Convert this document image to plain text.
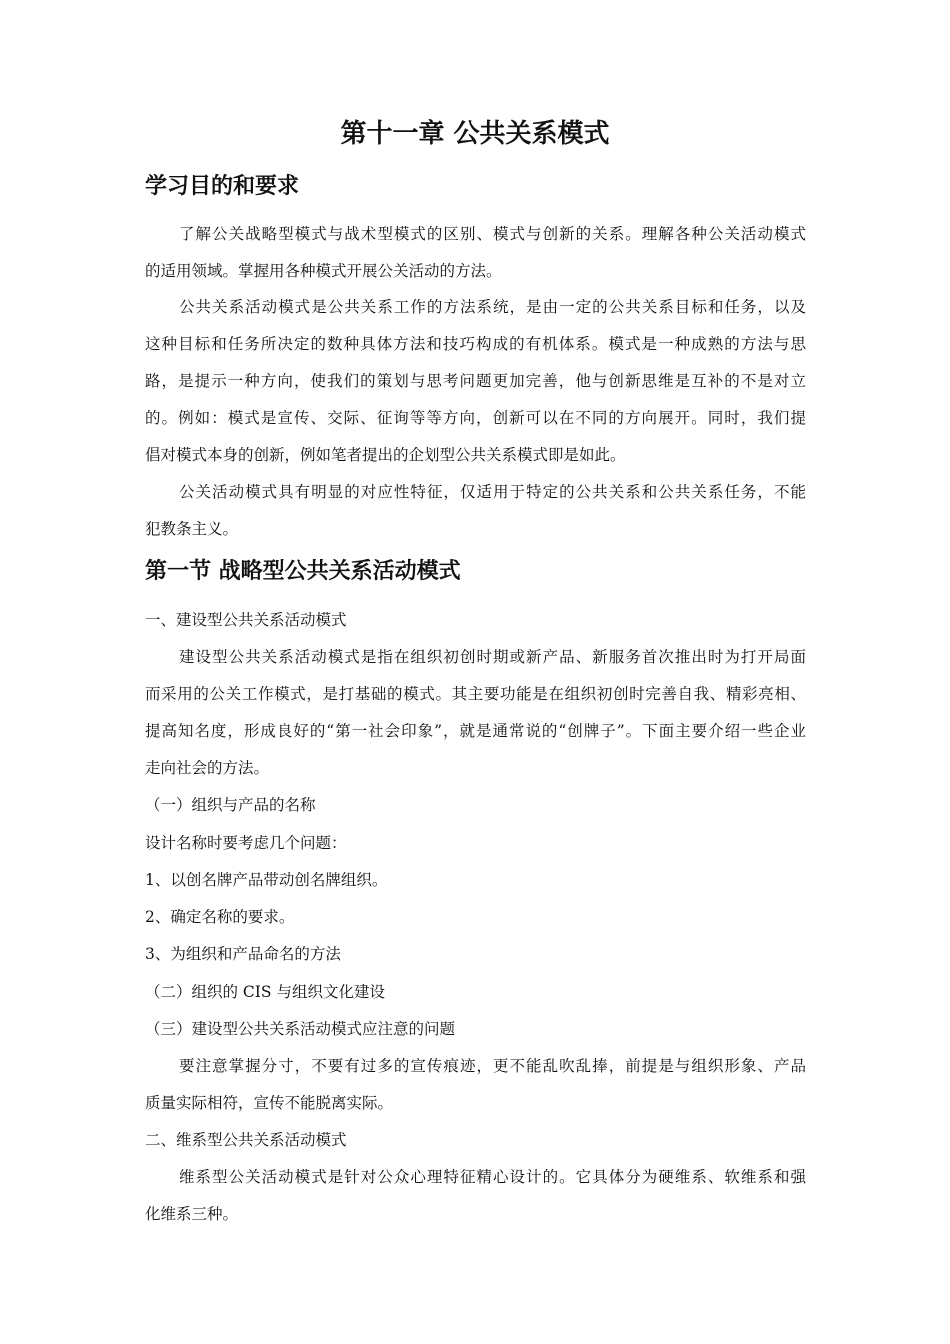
第十一章 公共关系模式
学习目的和要求

了解公关战略型模式与战术型模式的区别、模式与创新的关系。理解各种公关活动模式

的适用领域。掌握用各种模式开展公关活动的方法。

公共关系活动模式是公共关系工作的方法系统，是由一定的公共关系目标和任务，以及

这种目标和任务所决定的数种具体方法和技巧构成的有机体系。模式是一种成熟的方法与思

路，是提示一种方向，使我们的策划与思考问题更加完善，他与创新思维是互补的不是对立

的。例如：模式是宣传、交际、征询等等方向，创新可以在不同的方向展开。同时，我们提

倡对模式本身的创新，例如笔者提出的企划型公共关系模式即是如此。

公关活动模式具有明显的对应性特征，仅适用于特定的公共关系和公共关系任务，不能

犯教条主义。

第一节 战略型公共关系活动模式

一、建设型公共关系活动模式

建设型公共关系活动模式是指在组织初创时期或新产品、新服务首次推出时为打开局面

而采用的公关工作模式，是打基础的模式。其主要功能是在组织初创时完善自我、精彩亮相、

提高知名度，形成良好的“第一社会印象”，就是通常说的“创牌子”。下面主要介绍一些企业

走向社会的方法。

（一）组织与产品的名称

设计名称时要考虑几个问题：

1、以创名牌产品带动创名牌组织。

2、确定名称的要求。

3、为组织和产品命名的方法

（二）组织的 CIS 与组织文化建设

（三）建设型公共关系活动模式应注意的问题

要注意掌握分寸，不要有过多的宣传痕迹，更不能乱吹乱捧，前提是与组织形象、产品

质量实际相符，宣传不能脱离实际。

二、维系型公共关系活动模式

维系型公关活动模式是针对公众心理特征精心设计的。它具体分为硬维系、软维系和强

化维系三种。
